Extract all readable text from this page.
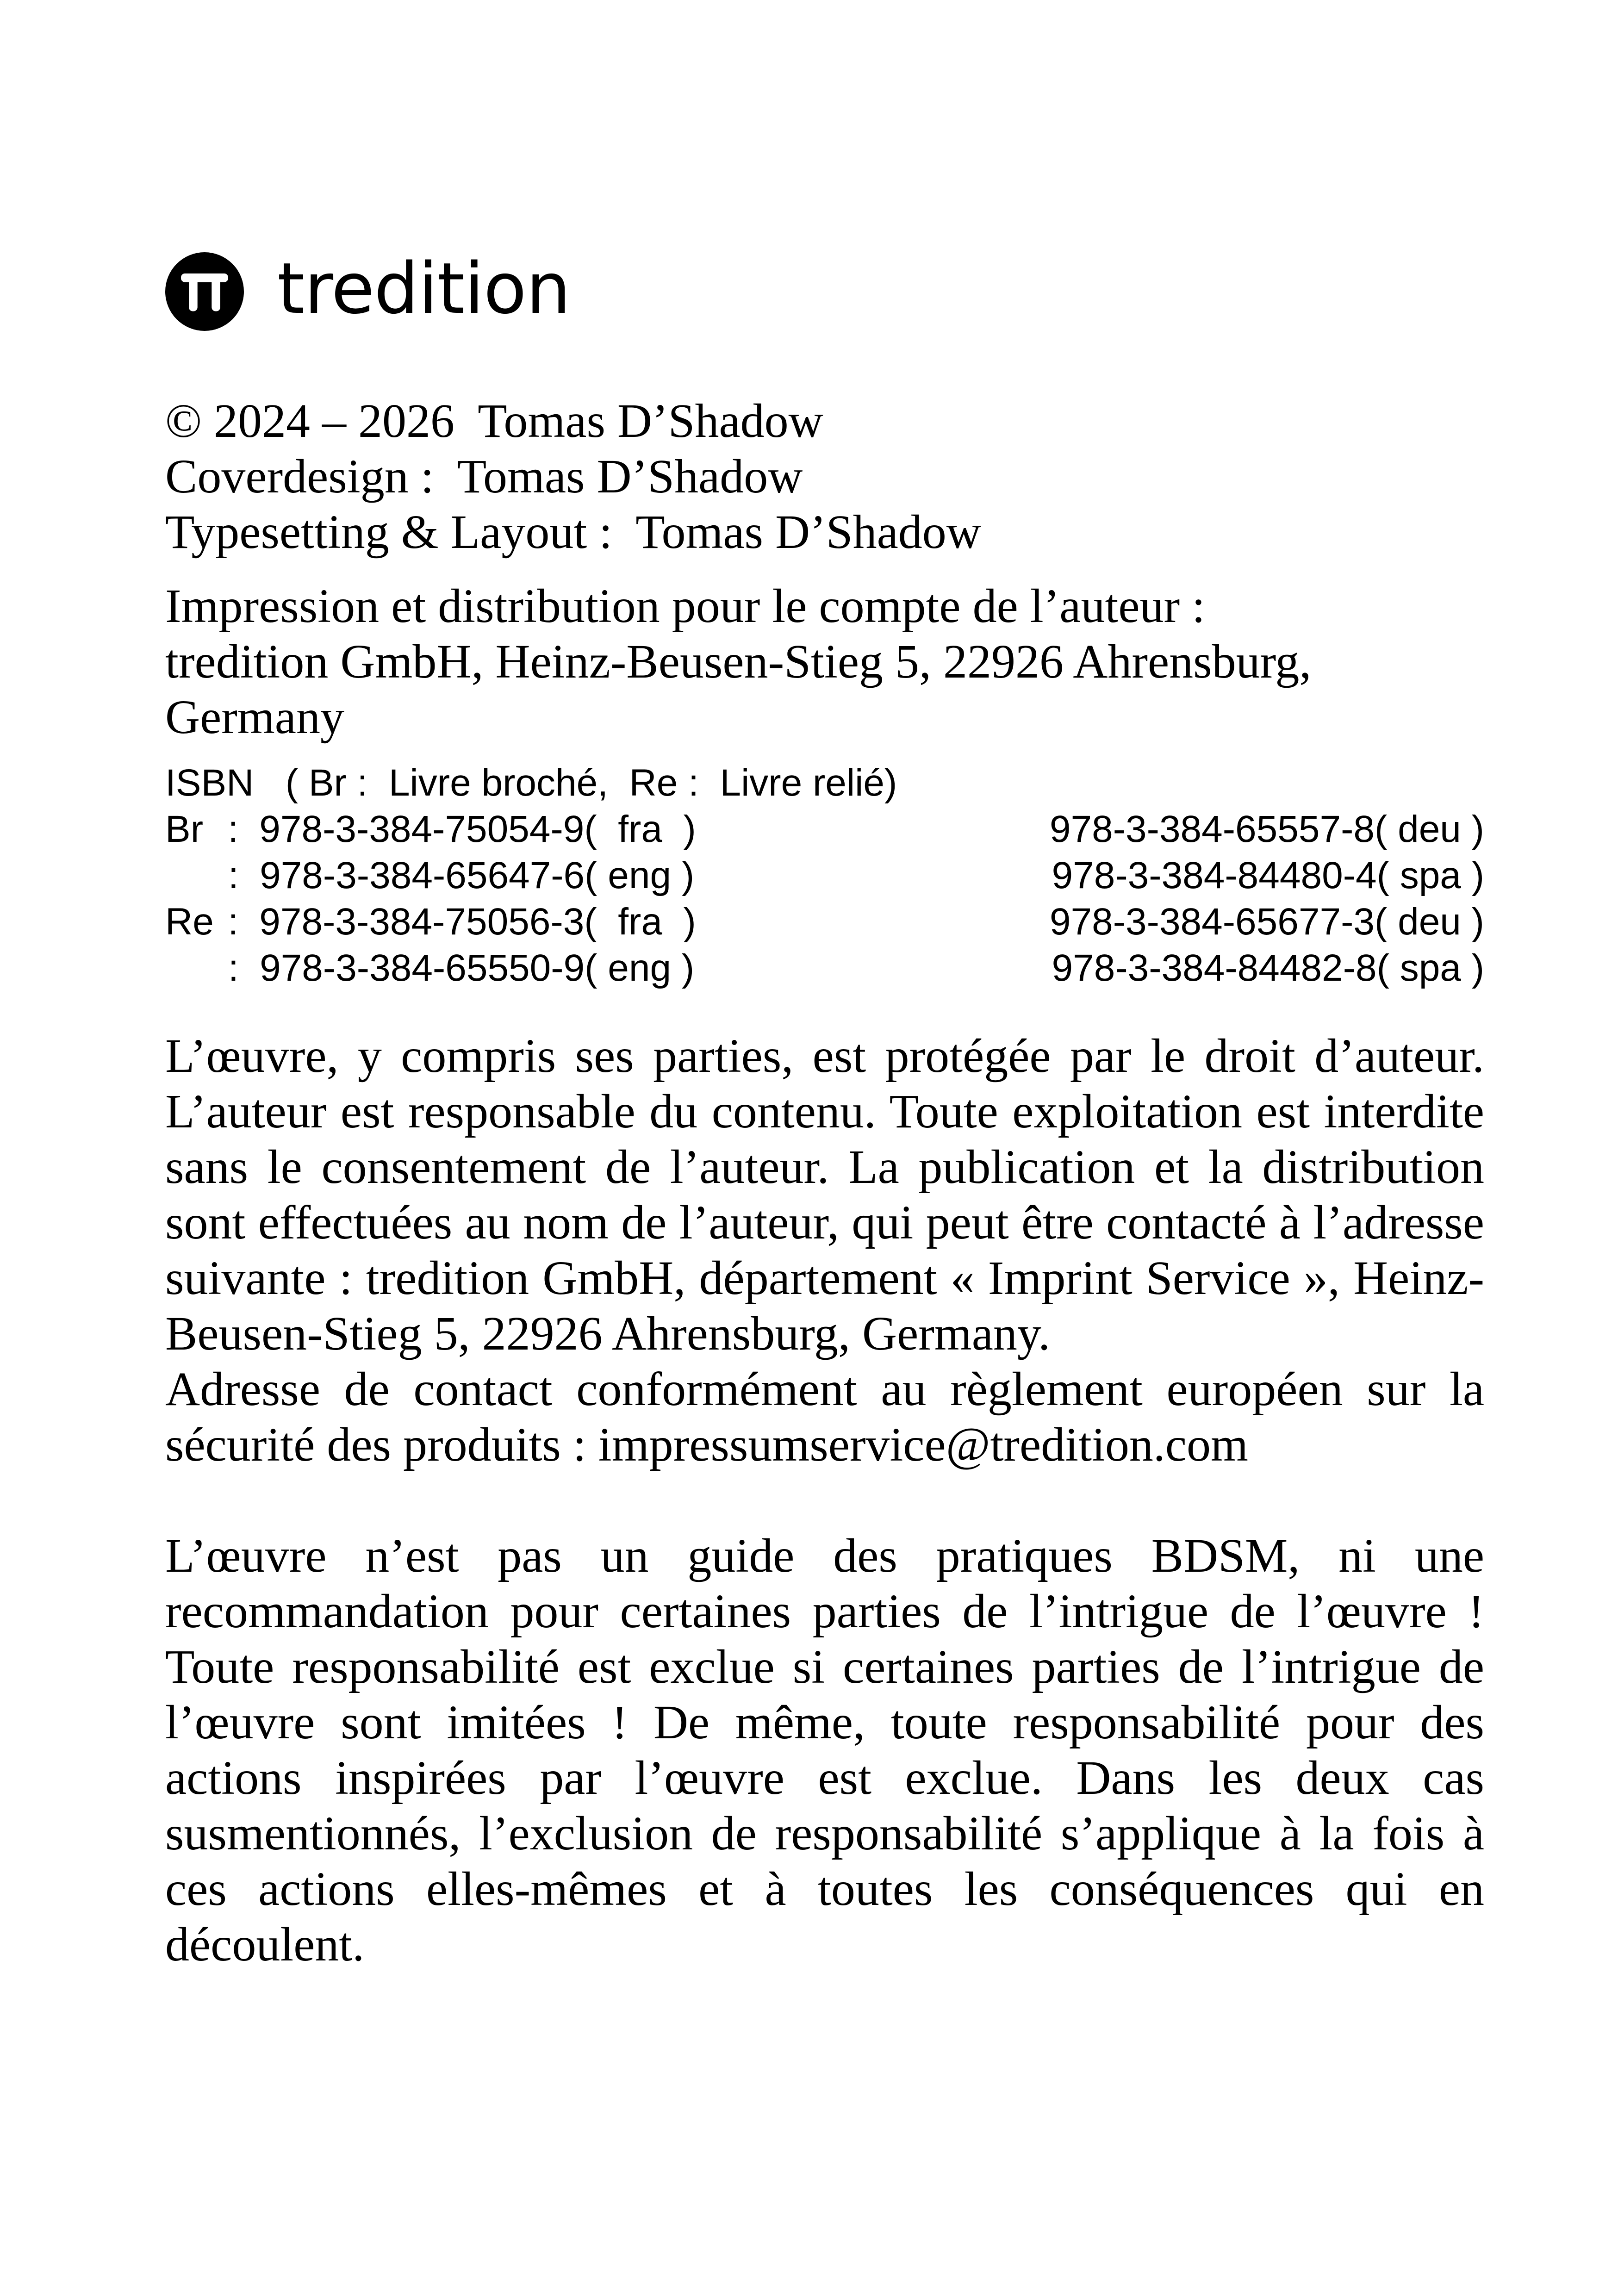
tredition
© 2024 – 2026  Tomas D’Shadow
Coverdesign :  Tomas D’Shadow
Typesetting & Layout :  Tomas D’Shadow
Impression et distribution pour le compte de l’auteur :
tredition GmbH, Heinz-Beusen-Stieg 5, 22926 Ahrensburg,
Germany
ISBN   ( Br :  Livre broché,  Re :  Livre relié)
Br : 978-3-384-75054-9 (  fra  )	978-3-384-65557-8 ( deu )
: 978-3-384-65647-6 ( eng )	978-3-384-84480-4 ( spa )
Re : 978-3-384-75056-3 (  fra  )	978-3-384-65677-3 ( deu )
: 978-3-384-65550-9 ( eng )	978-3-384-84482-8 ( spa )

L’œuvre, y compris ses parties, est protégée par le droit d’auteur. L’auteur est responsable du contenu. Toute exploitation est interdite sans le consentement de l’auteur. La publication et la distribution sont effectuées au nom de l’auteur, qui peut être contacté à l’adresse suivante : tredition GmbH, département « Imprint Service », Heinz-Beusen-Stieg 5, 22926 Ahrensburg, Germany.

Adresse de contact conformément au règlement européen sur la sécurité des produits : impressumservice@tredition.com

L’œuvre n’est pas un guide des pratiques BDSM, ni une recommandation pour certaines parties de l’intrigue de l’œuvre ! Toute responsabilité est exclue si certaines parties de l’intrigue de l’œuvre sont imitées ! De même, toute responsabilité pour des actions inspirées par l’œuvre est exclue. Dans les deux cas susmentionnés, l’exclusion de responsabilité s’applique à la fois à ces actions elles-mêmes et à toutes les conséquences qui en découlent.
